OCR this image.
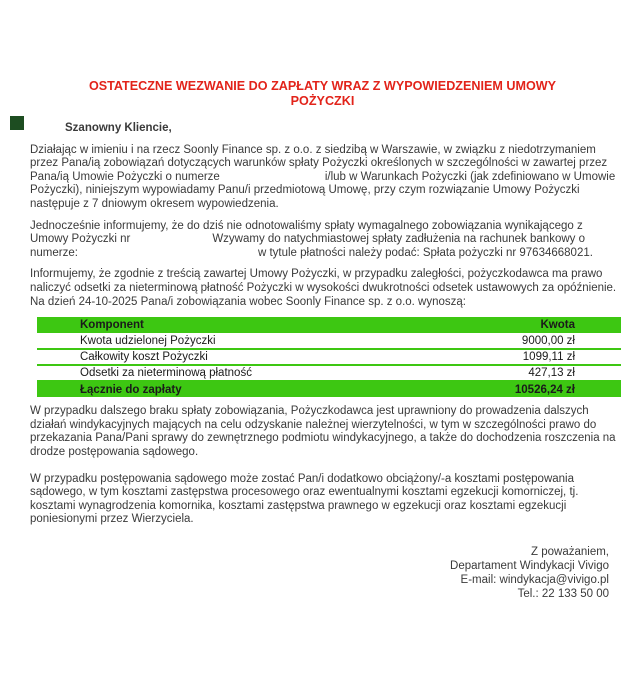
OSTATECZNE WEZWANIE DO ZAPŁATY WRAZ Z WYPOWIEDZENIEM UMOWY
POŻYCZKI
Szanowny Kliencie,
Działając w imieniu i na rzecz Soonly Finance sp. z o.o. z siedzibą w Warszawie, w związku z niedotrzymaniem
przez Pana/ią zobowiązań dotyczących warunków spłaty Pożyczki określonych w szczególności w zawartej przez
Pana/ią Umowie Pożyczki o numerze	i/lub w Warunkach Pożyczki (jak zdefiniowano w Umowie
Pożyczki), niniejszym wypowiadamy Panu/i przedmiotową Umowę, przy czym rozwiązanie Umowy Pożyczki
następuje z 7 dniowym okresem wypowiedzenia.
Jednocześnie informujemy, że do dziś nie odnotowaliśmy spłaty wymagalnego zobowiązania wynikającego z
Umowy Pożyczki nr	Wzywamy do natychmiastowej spłaty zadłużenia na rachunek bankowy o
numerze:	w tytule płatności należy podać: Spłata pożyczki nr 97634668021.
Informujemy, że zgodnie z treścią zawartej Umowy Pożyczki, w przypadku zaległości, pożyczkodawca ma prawo
naliczyć odsetki za nieterminową płatność Pożyczki w wysokości dwukrotności odsetek ustawowych za opóźnienie.
Na dzień 24-10-2025 Pana/i zobowiązania wobec Soonly Finance sp. z o.o. wynoszą:
Komponent	Kwota
Kwota udzielonej Pożyczki	9000,00 zł
Całkowity koszt Pożyczki	1099,11 zł
Odsetki za nieterminową płatność	427,13 zł
Łącznie do zapłaty	10526,24 zł
W przypadku dalszego braku spłaty zobowiązania, Pożyczkodawca jest uprawniony do prowadzenia dalszych
działań windykacyjnych mających na celu odzyskanie należnej wierzytelności, w tym w szczególności prawo do
przekazania Pana/Pani sprawy do zewnętrznego podmiotu windykacyjnego, a także do dochodzenia roszczenia na
drodze postępowania sądowego.
W przypadku postępowania sądowego może zostać Pan/i dodatkowo obciążony/-a kosztami postępowania
sądowego, w tym kosztami zastępstwa procesowego oraz ewentualnymi kosztami egzekucji komorniczej, tj.
kosztami wynagrodzenia komornika, kosztami zastępstwa prawnego w egzekucji oraz kosztami egzekucji
poniesionymi przez Wierzyciela.
Z poważaniem,
Departament Windykacji Vivigo
E-mail: windykacja@vivigo.pl
Tel.: 22 133 50 00
